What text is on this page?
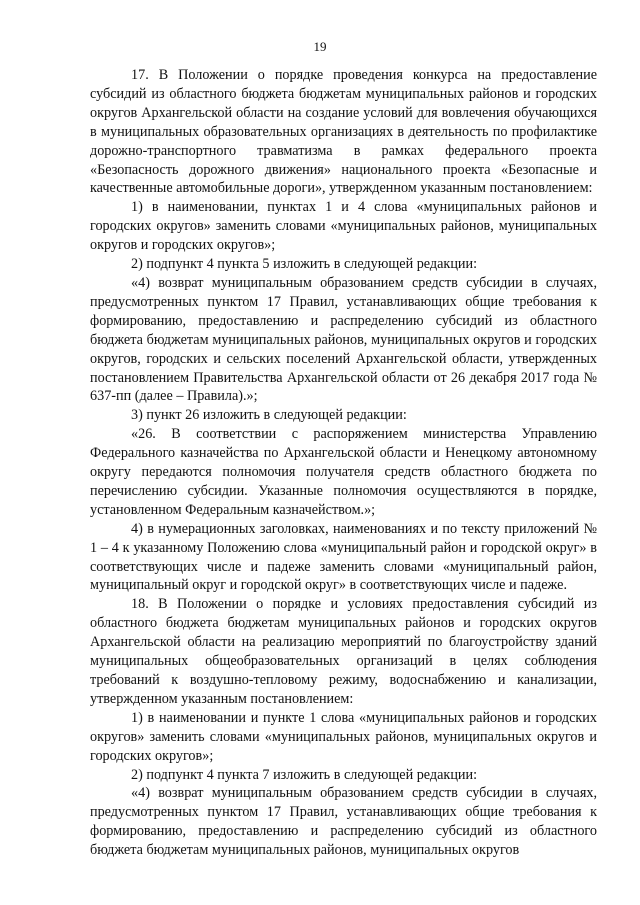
19

17. В Положении о порядке проведения конкурса на предоставление субсидий из областного бюджета бюджетам муниципальных районов и городских округов Архангельской области на создание условий для вовлечения обучающихся в муниципальных образовательных организациях в деятельность по профилактике дорожно-транспортного травматизма в рамках федерального проекта «Безопасность дорожного движения» национального проекта «Безопасные и качественные автомобильные дороги», утвержденном указанным постановлением:

1) в наименовании, пунктах 1 и 4 слова «муниципальных районов и городских округов» заменить словами «муниципальных районов, муниципальных округов и городских округов»;

2) подпункт 4 пункта 5 изложить в следующей редакции:

«4) возврат муниципальным образованием средств субсидии в случаях, предусмотренных пунктом 17 Правил, устанавливающих общие требования к формированию, предоставлению и распределению субсидий из областного бюджета бюджетам муниципальных районов, муниципальных округов и городских округов, городских и сельских поселений Архангельской области, утвержденных постановлением Правительства Архангельской области от 26 декабря 2017 года № 637-пп (далее – Правила).»;

3) пункт 26 изложить в следующей редакции:

«26. В соответствии с распоряжением министерства Управлению Федерального казначейства по Архангельской области и Ненецкому автономному округу передаются полномочия получателя средств областного бюджета по перечислению субсидии. Указанные полномочия осуществляются в порядке, установленном Федеральным казначейством.»;

4) в нумерационных заголовках, наименованиях и по тексту приложений № 1 – 4 к указанному Положению слова «муниципальный район и городской округ» в соответствующих числе и падеже заменить словами «муниципальный район, муниципальный округ и городской округ» в соответствующих числе и падеже.

18. В Положении о порядке и условиях предоставления субсидий из областного бюджета бюджетам муниципальных районов и городских округов Архангельской области на реализацию мероприятий по благоустройству зданий муниципальных общеобразовательных организаций в целях соблюдения требований к воздушно-тепловому режиму, водоснабжению и канализации, утвержденном указанным постановлением:

1) в наименовании и пункте 1 слова «муниципальных районов и городских округов» заменить словами «муниципальных районов, муниципальных округов и городских округов»;

2) подпункт 4 пункта 7 изложить в следующей редакции:

«4) возврат муниципальным образованием средств субсидии в случаях, предусмотренных пунктом 17 Правил, устанавливающих общие требования к формированию, предоставлению и распределению субсидий из областного бюджета бюджетам муниципальных районов, муниципальных округов
